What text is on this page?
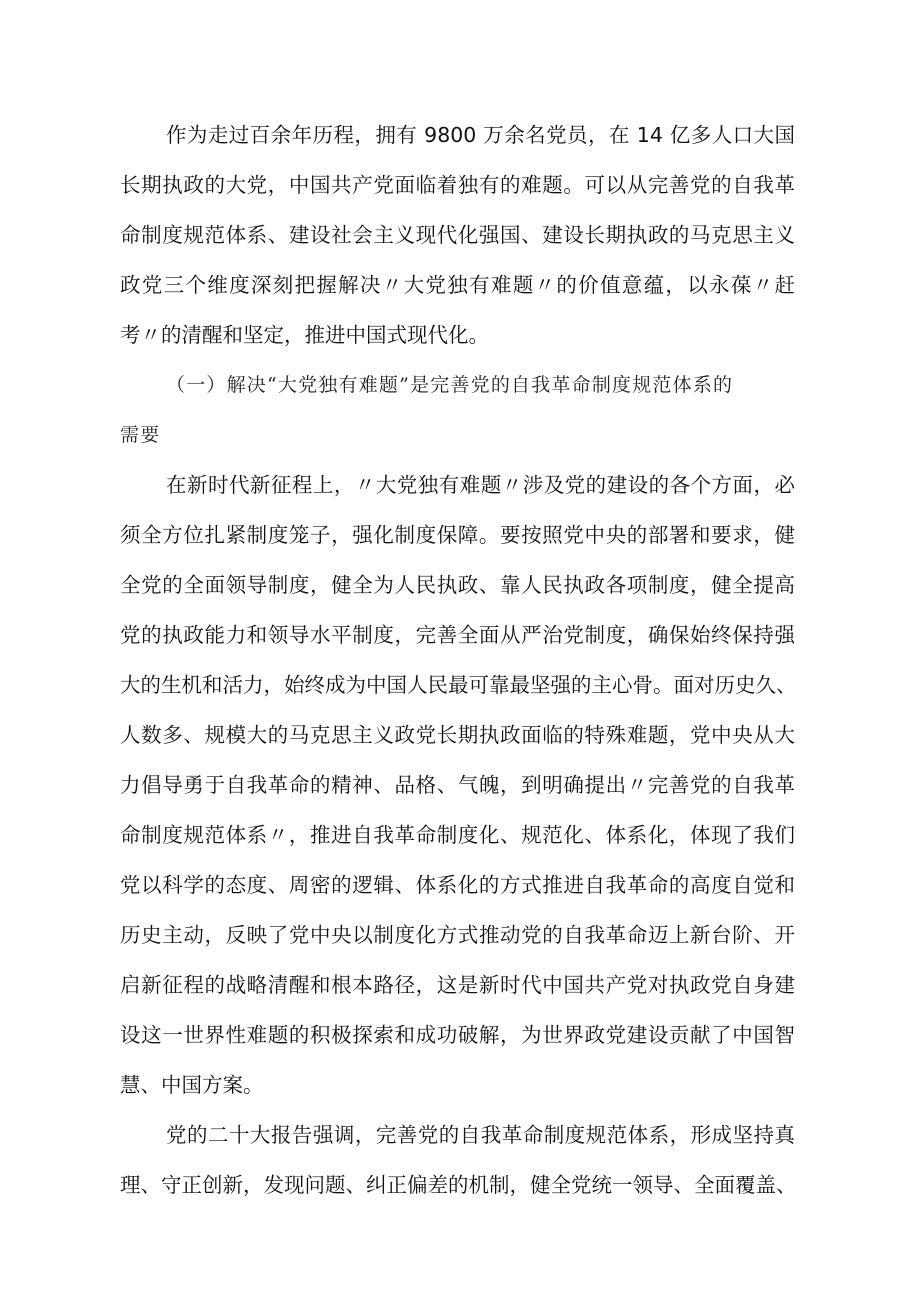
作为走过百余年历程，拥有 9800 万余名党员，在 14 亿多人口大国
长期执政的大党，中国共产党面临着独有的难题。可以从完善党的自我革
命制度规范体系、建设社会主义现代化强国、建设长期执政的马克思主义
政党三个维度深刻把握解决〃大党独有难题〃的价值意蕴，以永葆〃赶
考〃的清醒和坚定，推进中国式现代化。
（一）解决“大党独有难题”是完善党的自我革命制度规范体系的
需要
在新时代新征程上，〃大党独有难题〃涉及党的建设的各个方面，必
须全方位扎紧制度笼子，强化制度保障。要按照党中央的部署和要求，健
全党的全面领导制度，健全为人民执政、靠人民执政各项制度，健全提高
党的执政能力和领导水平制度，完善全面从严治党制度，确保始终保持强
大的生机和活力，始终成为中国人民最可靠最坚强的主心骨。面对历史久、
人数多、规模大的马克思主义政党长期执政面临的特殊难题，党中央从大
力倡导勇于自我革命的精神、品格、气魄，到明确提出〃完善党的自我革
命制度规范体系〃，推进自我革命制度化、规范化、体系化，体现了我们
党以科学的态度、周密的逻辑、体系化的方式推进自我革命的高度自觉和
历史主动，反映了党中央以制度化方式推动党的自我革命迈上新台阶、开
启新征程的战略清醒和根本路径，这是新时代中国共产党对执政党自身建
设这一世界性难题的积极探索和成功破解，为世界政党建设贡献了中国智
慧、中国方案。
党的二十大报告强调，完善党的自我革命制度规范体系，形成坚持真
理、守正创新，发现问题、纠正偏差的机制，健全党统一领导、全面覆盖、
